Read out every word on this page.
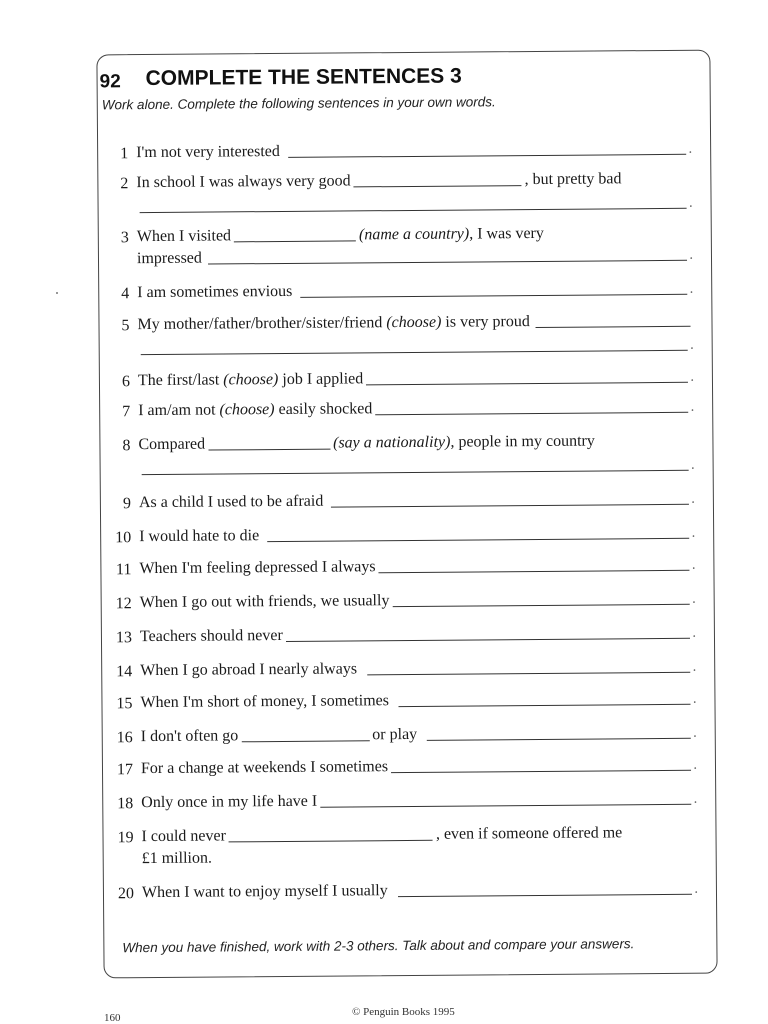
92 COMPLETE THE SENTENCES 3
Work alone. Complete the following sentences in your own words.
1 I'm not very interested	.
2 In school I was always very good	, but pretty bad
.
3 When I visited	(name a country) , I was very
impressed	.
4 I am sometimes envious	.
5 My mother/father/brother/sister/friend
(choose)
is very proud
.
6 The first/last
(choose)
job I applied	.
7 I am/am not
(choose)
easily shocked	.
8 Compared	(say a nationality) , people in my country
.
9 As a child I used to be afraid	.
10 I would hate to die	.
11 When I'm feeling depressed I always	.
12 When I go out with friends, we usually	.
13 Teachers should never	.
14 When I go abroad I nearly always	.
15 When I'm short of money, I sometimes	.
16 I don't often go	or play	.
17 For a change at weekends I sometimes	.
18 Only once in my life have I	.
19 I could never	, even if someone offered me
£1 million.
20 When I want to enjoy myself I usually	.
When you have finished, work with 2-3 others. Talk about and compare your answers.
160	© Penguin Books 1995
